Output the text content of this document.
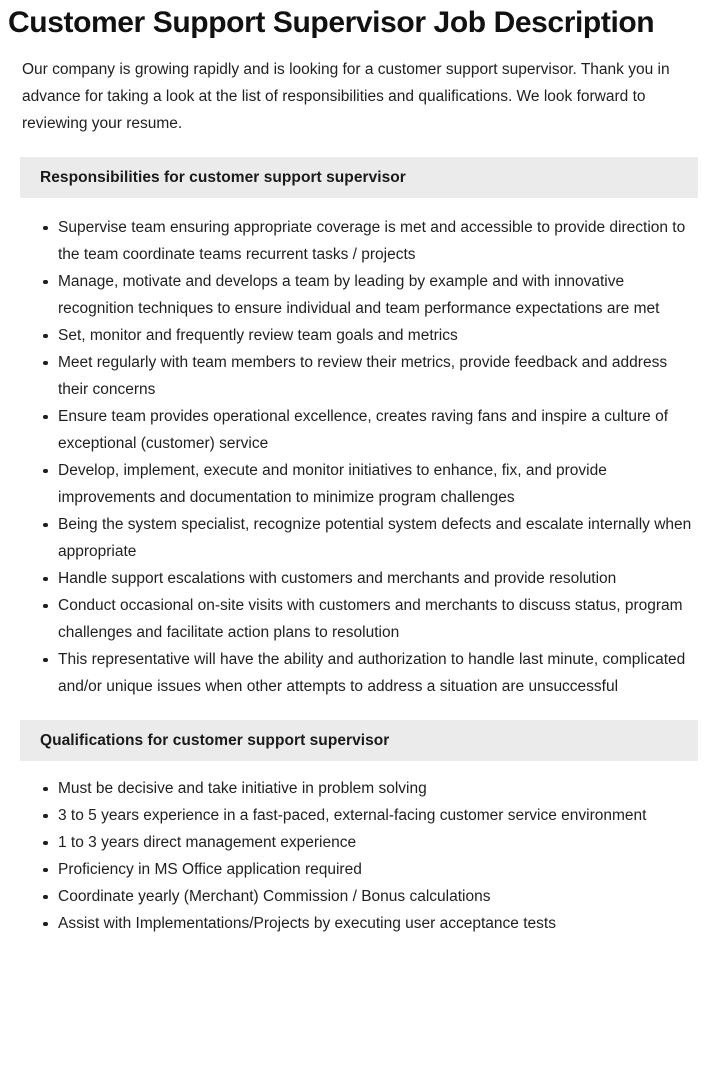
Customer Support Supervisor Job Description

Our company is growing rapidly and is looking for a customer support supervisor. Thank you in advance for taking a look at the list of responsibilities and qualifications. We look forward to reviewing your resume.

Responsibilities for customer support supervisor
Supervise team ensuring appropriate coverage is met and accessible to provide direction to the team coordinate teams recurrent tasks / projects
Manage, motivate and develops a team by leading by example and with innovative recognition techniques to ensure individual and team performance expectations are met
Set, monitor and frequently review team goals and metrics
Meet regularly with team members to review their metrics, provide feedback and address their concerns
Ensure team provides operational excellence, creates raving fans and inspire a culture of exceptional (customer) service
Develop, implement, execute and monitor initiatives to enhance, fix, and provide improvements and documentation to minimize program challenges
Being the system specialist, recognize potential system defects and escalate internally when appropriate
Handle support escalations with customers and merchants and provide resolution
Conduct occasional on-site visits with customers and merchants to discuss status, program challenges and facilitate action plans to resolution
This representative will have the ability and authorization to handle last minute, complicated and/or unique issues when other attempts to address a situation are unsuccessful
Qualifications for customer support supervisor
Must be decisive and take initiative in problem solving
3 to 5 years experience in a fast-paced, external-facing customer service environment
1 to 3 years direct management experience
Proficiency in MS Office application required
Coordinate yearly (Merchant) Commission / Bonus calculations
Assist with Implementations/Projects by executing user acceptance tests
